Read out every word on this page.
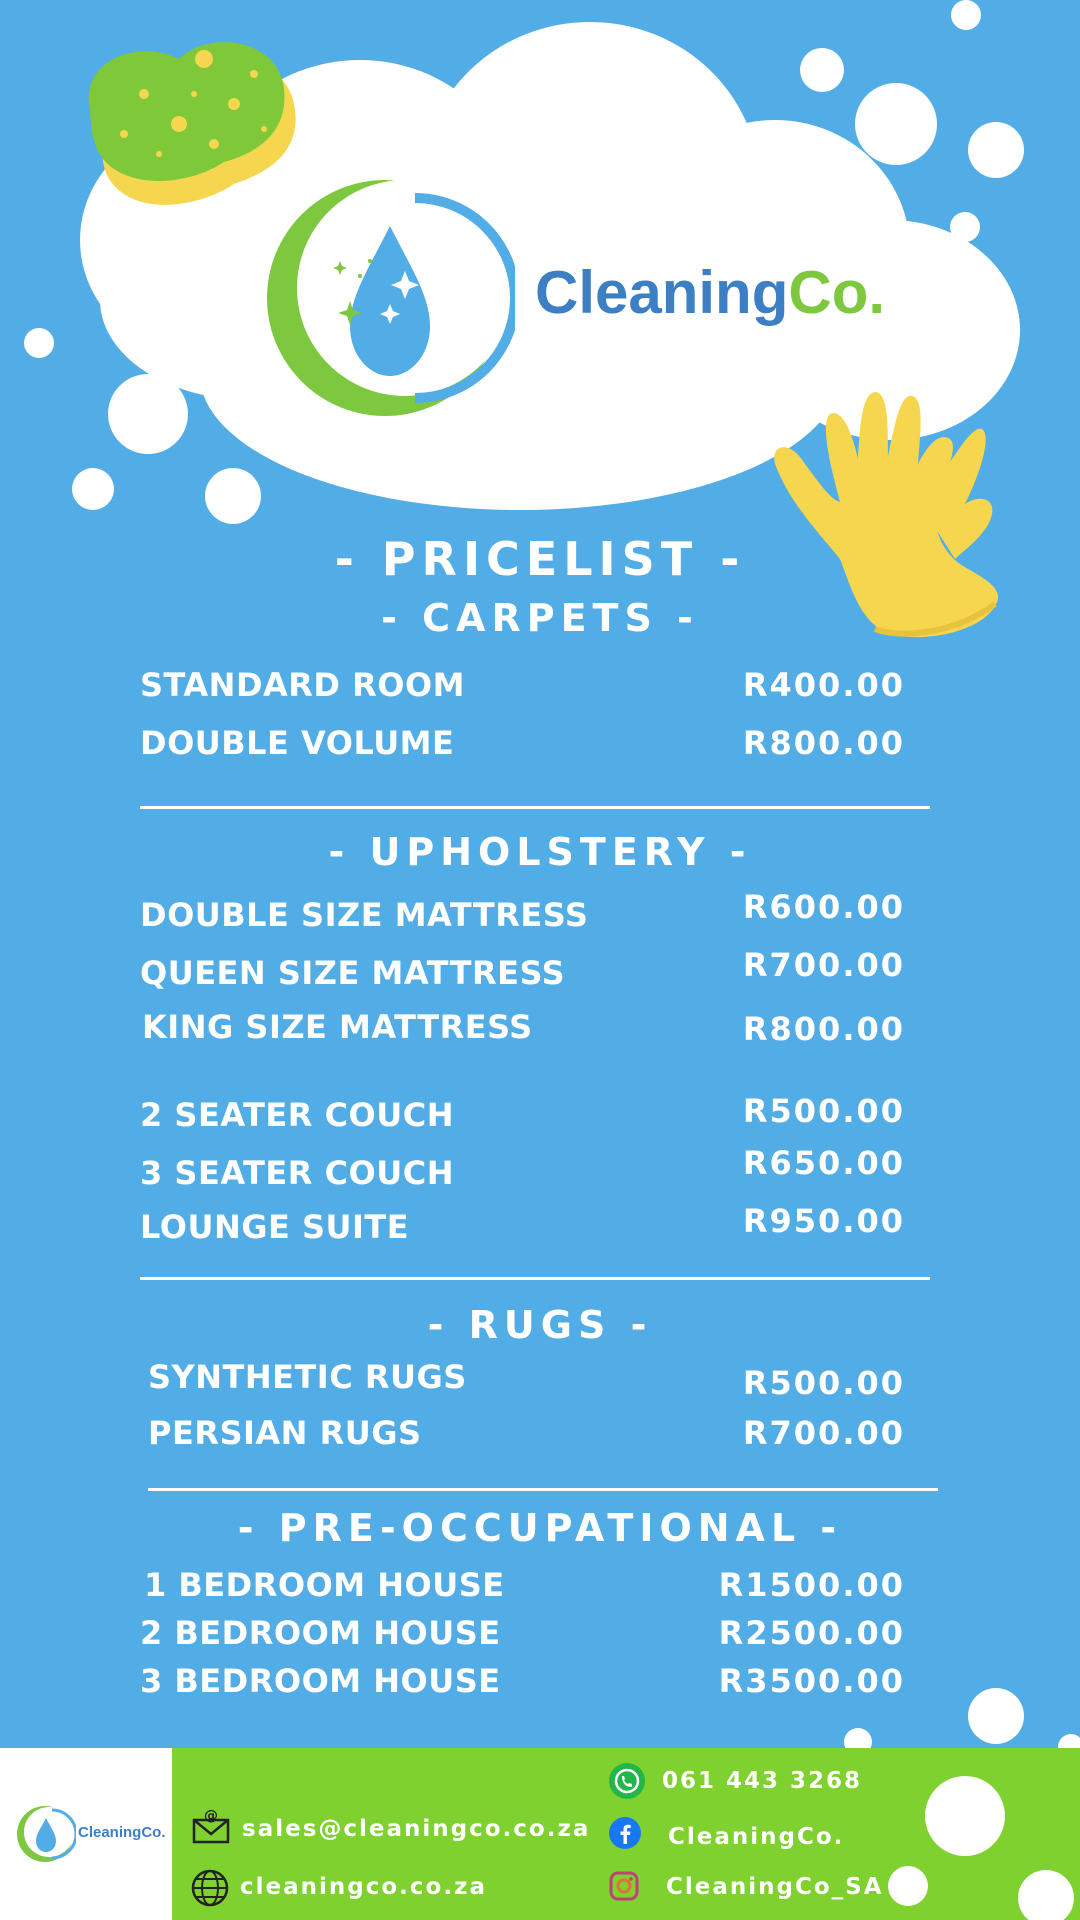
CleaningCo.
- PRICELIST -
- CARPETS -
STANDARD ROOM	R400.00
DOUBLE VOLUME	R800.00
- UPHOLSTERY -
DOUBLE SIZE MATTRESS	R600.00
QUEEN SIZE MATTRESS	R700.00
KING SIZE MATTRESS	R800.00
2 SEATER COUCH	R500.00
3 SEATER COUCH	R650.00
LOUNGE SUITE	R950.00
- RUGS -
SYNTHETIC RUGS	R500.00
PERSIAN RUGS	R700.00
- PRE-OCCUPATIONAL -
1 BEDROOM HOUSE	R1500.00
2 BEDROOM HOUSE	R2500.00
3 BEDROOM HOUSE	R3500.00
CleaningCo.
@ sales@cleaningco.co.za
cleaningco.co.za
061 443 3268
CleaningCo.
CleaningCo_SA
